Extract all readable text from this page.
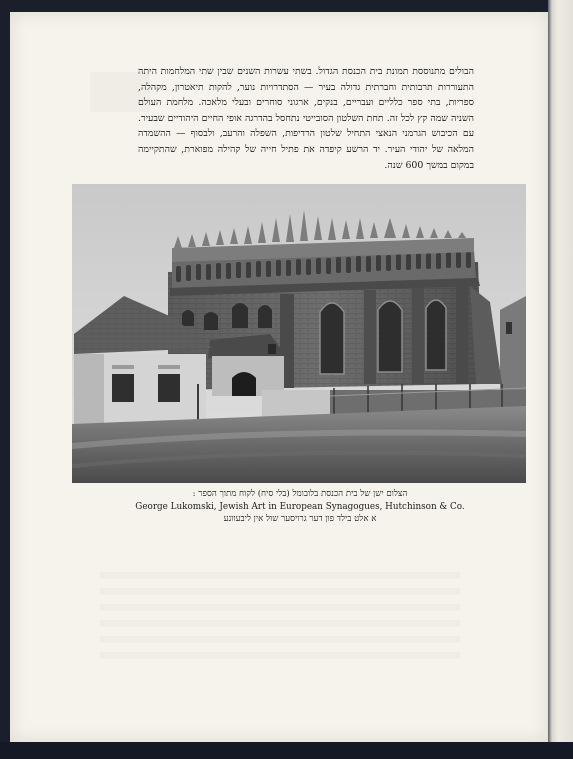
הבולים מתנוססת תמונת בית הכנסת הגדול. בשתי עשרות השנים שבין שתי המלחמות היתה התעוררות תרבותית וחברתית גדולה בעיר — הסתדרויות נוער, להקות תיאטרון, מקהלה, ספריות, בתי ספר כלליים ועבריים, בנקים, ארגוני סוחרים ובעלי מלאכה. מלחמת העולם השניה שמה קץ לכל זה. תחת השלטון הסובייטי נתחסל בהדרגה אופי החיים היהודיים שבעיר. עם הכיבוש הגרמני הנאצי התחיל שלטון הרדיפות, השפלה והרעב, ולבסוף — ההשמדה המלאה של יהודי העיר. יד הרשע קיפדה את פתיל חייה של קהילה מפוארת, שהתקיימה במקום במשך 600 שנה.

הצלום ישן של בית הכנסת בלובומל (בלי סיח) לקוח מתוך הספר :
George Lukomski, Jewish Art in European Synagogues, Hutchinson & Co.
א אלט בילד פון דער גרויסער שול אין ליבעוונע
